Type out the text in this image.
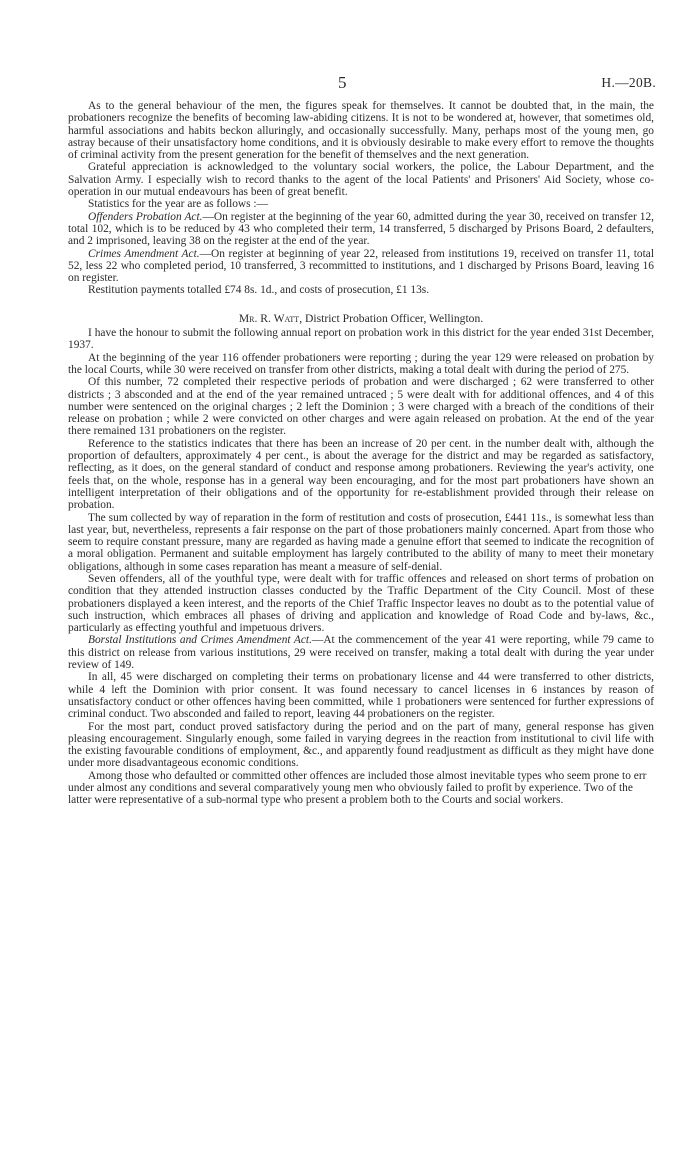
5	H.—20B.

As to the general behaviour of the men, the figures speak for themselves. It cannot be doubted that, in the main, the probationers recognize the benefits of becoming law-abiding citizens. It is not to be wondered at, however, that sometimes old, harmful associations and habits beckon alluringly, and occasionally successfully. Many, perhaps most of the young men, go astray because of their unsatisfactory home conditions, and it is obviously desirable to make every effort to remove the thoughts of criminal activity from the present generation for the benefit of themselves and the next generation.

Grateful appreciation is acknowledged to the voluntary social workers, the police, the Labour Department, and the Salvation Army. I especially wish to record thanks to the agent of the local Patients' and Prisoners' Aid Society, whose co-operation in our mutual endeavours has been of great benefit.

Statistics for the year are as follows :—

Offenders Probation Act.—On register at the beginning of the year 60, admitted during the year 30, received on transfer 12, total 102, which is to be reduced by 43 who completed their term, 14 transferred, 5 discharged by Prisons Board, 2 defaulters, and 2 imprisoned, leaving 38 on the register at the end of the year.

Crimes Amendment Act.—On register at beginning of year 22, released from institutions 19, received on transfer 11, total 52, less 22 who completed period, 10 transferred, 3 recommitted to institutions, and 1 discharged by Prisons Board, leaving 16 on register.

Restitution payments totalled £74 8s. 1d., and costs of prosecution, £1 13s.

Mr. R. Watt, District Probation Officer, Wellington.

I have the honour to submit the following annual report on probation work in this district for the year ended 31st December, 1937.

At the beginning of the year 116 offender probationers were reporting ; during the year 129 were released on probation by the local Courts, while 30 were received on transfer from other districts, making a total dealt with during the period of 275.

Of this number, 72 completed their respective periods of probation and were discharged ; 62 were transferred to other districts ; 3 absconded and at the end of the year remained untraced ; 5 were dealt with for additional offences, and 4 of this number were sentenced on the original charges ; 2 left the Dominion ; 3 were charged with a breach of the conditions of their release on probation ; while 2 were convicted on other charges and were again released on probation. At the end of the year there remained 131 probationers on the register.

Reference to the statistics indicates that there has been an increase of 20 per cent. in the number dealt with, although the proportion of defaulters, approximately 4 per cent., is about the average for the district and may be regarded as satisfactory, reflecting, as it does, on the general standard of conduct and response among probationers. Reviewing the year's activity, one feels that, on the whole, response has in a general way been encouraging, and for the most part probationers have shown an intelligent interpretation of their obligations and of the opportunity for re-establishment provided through their release on probation.

The sum collected by way of reparation in the form of restitution and costs of prosecution, £441 11s., is somewhat less than last year, but, nevertheless, represents a fair response on the part of those probationers mainly concerned. Apart from those who seem to require constant pressure, many are regarded as having made a genuine effort that seemed to indicate the recognition of a moral obligation. Permanent and suitable employment has largely contributed to the ability of many to meet their monetary obligations, although in some cases reparation has meant a measure of self-denial.

Seven offenders, all of the youthful type, were dealt with for traffic offences and released on short terms of probation on condition that they attended instruction classes conducted by the Traffic Department of the City Council. Most of these probationers displayed a keen interest, and the reports of the Chief Traffic Inspector leaves no doubt as to the potential value of such instruction, which embraces all phases of driving and application and knowledge of Road Code and by-laws, &c., particularly as effecting youthful and impetuous drivers.

Borstal Institutions and Crimes Amendment Act.—At the commencement of the year 41 were reporting, while 79 came to this district on release from various institutions, 29 were received on transfer, making a total dealt with during the year under review of 149.

In all, 45 were discharged on completing their terms on probationary license and 44 were transferred to other districts, while 4 left the Dominion with prior consent. It was found necessary to cancel licenses in 6 instances by reason of unsatisfactory conduct or other offences having been committed, while 1 probationers were sentenced for further expressions of criminal conduct. Two absconded and failed to report, leaving 44 probationers on the register.

For the most part, conduct proved satisfactory during the period and on the part of many, general response has given pleasing encouragement. Singularly enough, some failed in varying degrees in the reaction from institutional to civil life with the existing favourable conditions of employment, &c., and apparently found readjustment as difficult as they might have done under more disadvantageous economic conditions.

Among those who defaulted or committed other offences are included those almost inevitable types who seem prone to err under almost any conditions and several comparatively young men who obviously failed to profit by experience. Two of the latter were representative of a sub-normal type who present a problem both to the Courts and social workers.
